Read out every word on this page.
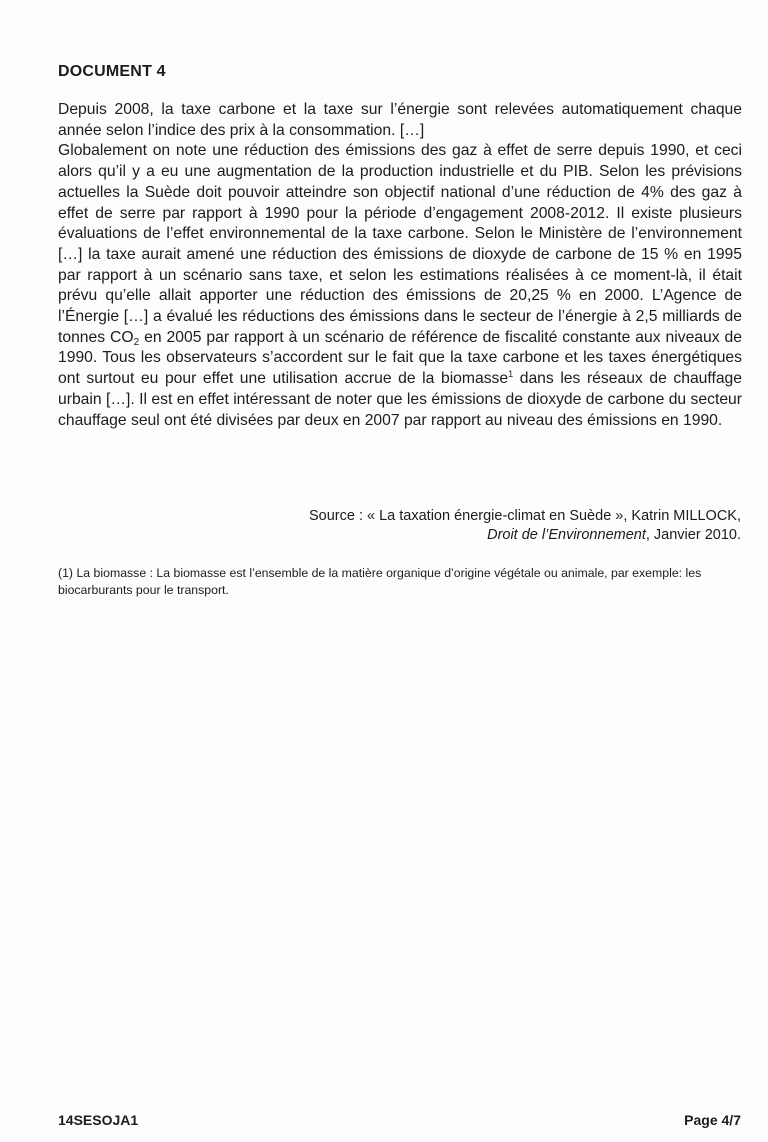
DOCUMENT 4

Depuis 2008, la taxe carbone et la taxe sur l’énergie sont relevées automatiquement chaque année selon l’indice des prix à la consommation. […]

Globalement on note une réduction des émissions des gaz à effet de serre depuis 1990, et ceci alors qu’il y a eu une augmentation de la production industrielle et du PIB. Selon les prévisions actuelles la Suède doit pouvoir atteindre son objectif national d’une réduction de 4% des gaz à effet de serre par rapport à 1990 pour la période d’engagement 2008-2012. Il existe plusieurs évaluations de l’effet environnemental de la taxe carbone. Selon le Ministère de l’environnement […] la taxe aurait amené une réduction des émissions de dioxyde de carbone de 15 % en 1995 par rapport à un scénario sans taxe, et selon les estimations réalisées à ce moment-là, il était prévu qu’elle allait apporter une réduction des émissions de 20,25 % en 2000. L’Agence de l’Énergie […] a évalué les réductions des émissions dans le secteur de l’énergie à 2,5 milliards de tonnes $CO_2$ en 2005 par rapport à un scénario de référence de fiscalité constante aux niveaux de 1990. Tous les observateurs s’accordent sur le fait que la taxe carbone et les taxes énergétiques ont surtout eu pour effet une utilisation accrue de la biomasse$^1$ dans les réseaux de chauffage urbain […]. Il est en effet intéressant de noter que les émissions de dioxyde de carbone du secteur chauffage seul ont été divisées par deux en 2007 par rapport au niveau des émissions en 1990.

Source : « La taxation énergie-climat en Suède », Katrin MILLOCK,
Droit de l’Environnement, Janvier 2010.
(1) La biomasse : La biomasse est l’ensemble de la matière organique d’origine végétale ou animale, par exemple: les biocarburants pour le transport.
14SESOJA1	Page 4/7
